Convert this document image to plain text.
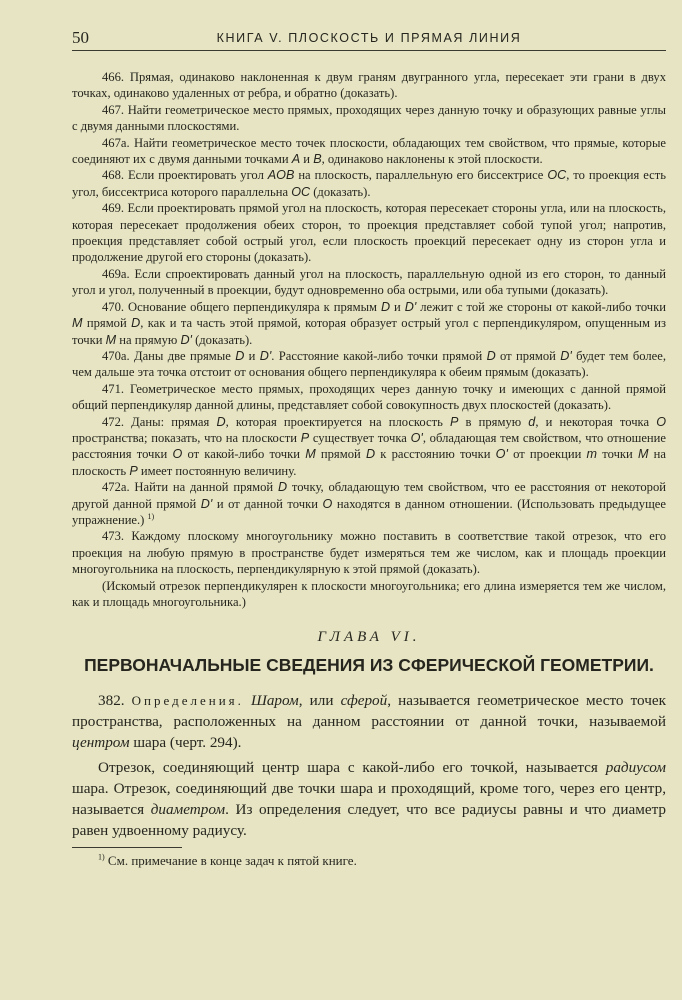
50	КНИГА V. ПЛОСКОСТЬ И ПРЯМАЯ ЛИНИЯ

466. Прямая, одинаково наклоненная к двум граням двугранного угла, пересекает эти грани в двух точках, одинаково удаленных от ребра, и обратно (доказать).

467. Найти геометрическое место прямых, проходящих через данную точку и образующих равные углы с двумя данными плоскостями.

467а. Найти геометрическое место точек плоскости, обладающих тем свойством, что прямые, которые соединяют их с двумя данными точками A и B, одинаково наклонены к этой плоскости.

468. Если проектировать угол AOB на плоскость, параллельную его биссектрисе OC, то проекция есть угол, биссектриса которого параллельна OC (доказать).

469. Если проектировать прямой угол на плоскость, которая пересекает стороны угла, или на плоскость, которая пересекает продолжения обеих сторон, то проекция представляет собой тупой угол; напротив, проекция представляет собой острый угол, если плоскость проекций пересекает одну из сторон угла и продолжение другой его стороны (доказать).

469а. Если спроектировать данный угол на плоскость, параллельную одной из его сторон, то данный угол и угол, полученный в проекции, будут одновременно оба острыми, или оба тупыми (доказать).

470. Основание общего перпендикуляра к прямым D и D' лежит с той же стороны от какой-либо точки M прямой D, как и та часть этой прямой, которая образует острый угол с перпендикуляром, опущенным из точки M на прямую D' (доказать).

470а. Даны две прямые D и D'. Расстояние какой-либо точки прямой D от прямой D' будет тем более, чем дальше эта точка отстоит от основания общего перпендикуляра к обеим прямым (доказать).

471. Геометрическое место прямых, проходящих через данную точку и имеющих с данной прямой общий перпендикуляр данной длины, представляет собой совокупность двух плоскостей (доказать).

472. Даны: прямая D, которая проектируется на плоскость P в прямую d, и некоторая точка O пространства; показать, что на плоскости P существует точка O', обладающая тем свойством, что отношение расстояния точки O от какой-либо точки M прямой D к расстоянию точки O' от проекции m точки M на плоскость P имеет постоянную величину.

472а. Найти на данной прямой D точку, обладающую тем свойством, что ее расстояния от некоторой другой данной прямой D' и от данной точки O находятся в данном отношении. (Использовать предыдущее упражнение.) $^{1)}$

473. Каждому плоскому многоугольнику можно поставить в соответствие такой отрезок, что его проекция на любую прямую в пространстве будет измеряться тем же числом, как и площадь проекции многоугольника на плоскость, перпендикулярную к этой прямой (доказать).

(Искомый отрезок перпендикулярен к плоскости многоугольника; его длина измеряется тем же числом, как и площадь многоугольника.)

ГЛАВА VI.
ПЕРВОНАЧАЛЬНЫЕ СВЕДЕНИЯ ИЗ СФЕРИЧЕСКОЙ ГЕОМЕТРИИ.

382. Определения. Шаром, или сферой, называется геометрическое место точек пространства, расположенных на данном расстоянии от данной точки, называемой центром шара (черт. 294).

Отрезок, соединяющий центр шара с какой-либо его точкой, называется радиусом шара. Отрезок, соединяющий две точки шара и проходящий, кроме того, через его центр, называется диаметром. Из определения следует, что все радиусы равны и что диаметр равен удвоенному радиусу.

$^{1)}$ См. примечание в конце задач к пятой книге.
